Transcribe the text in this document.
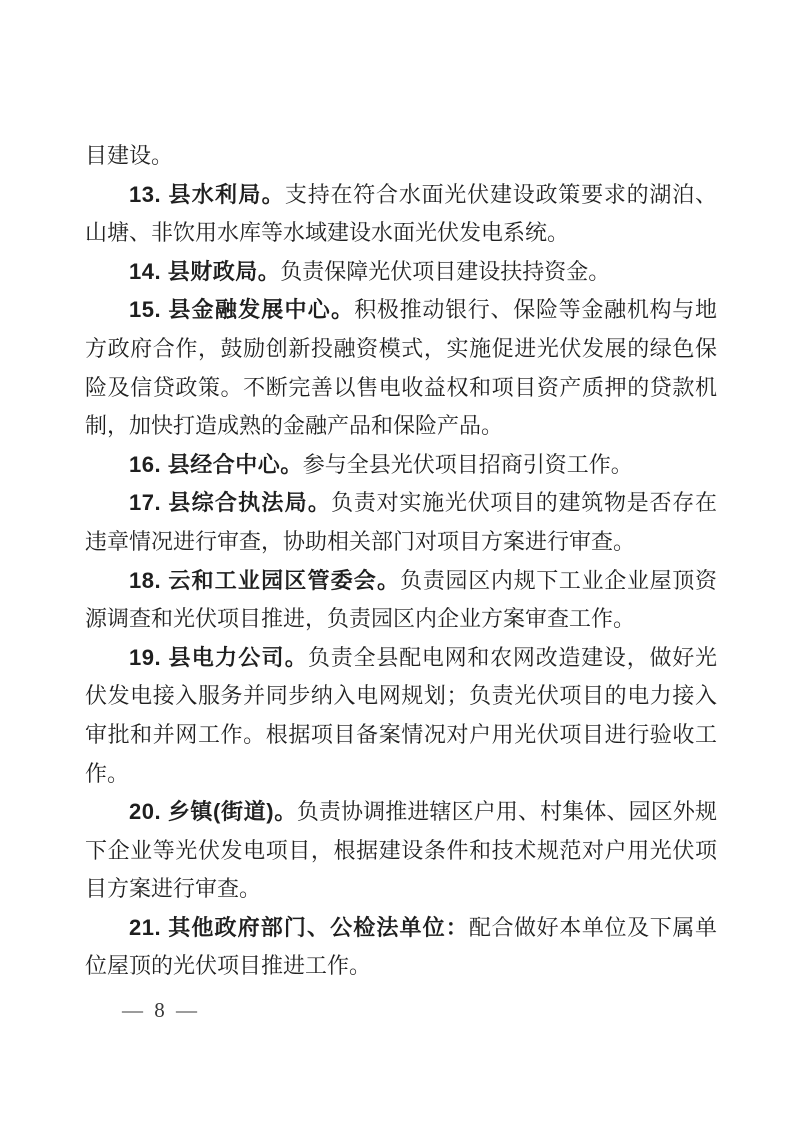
目建设。

13. 县水利局。支持在符合水面光伏建设政策要求的湖泊、山塘、非饮用水库等水域建设水面光伏发电系统。

14. 县财政局。负责保障光伏项目建设扶持资金。

15. 县金融发展中心。积极推动银行、保险等金融机构与地方政府合作，鼓励创新投融资模式，实施促进光伏发展的绿色保险及信贷政策。不断完善以售电收益权和项目资产质押的贷款机制，加快打造成熟的金融产品和保险产品。

16. 县经合中心。参与全县光伏项目招商引资工作。

17. 县综合执法局。负责对实施光伏项目的建筑物是否存在违章情况进行审查，协助相关部门对项目方案进行审查。

18. 云和工业园区管委会。负责园区内规下工业企业屋顶资源调查和光伏项目推进，负责园区内企业方案审查工作。

19. 县电力公司。负责全县配电网和农网改造建设，做好光伏发电接入服务并同步纳入电网规划；负责光伏项目的电力接入审批和并网工作。根据项目备案情况对户用光伏项目进行验收工作。

20. 乡镇(街道)。负责协调推进辖区户用、村集体、园区外规下企业等光伏发电项目，根据建设条件和技术规范对户用光伏项目方案进行审查。

21. 其他政府部门、公检法单位：配合做好本单位及下属单位屋顶的光伏项目推进工作。

— 8 —
